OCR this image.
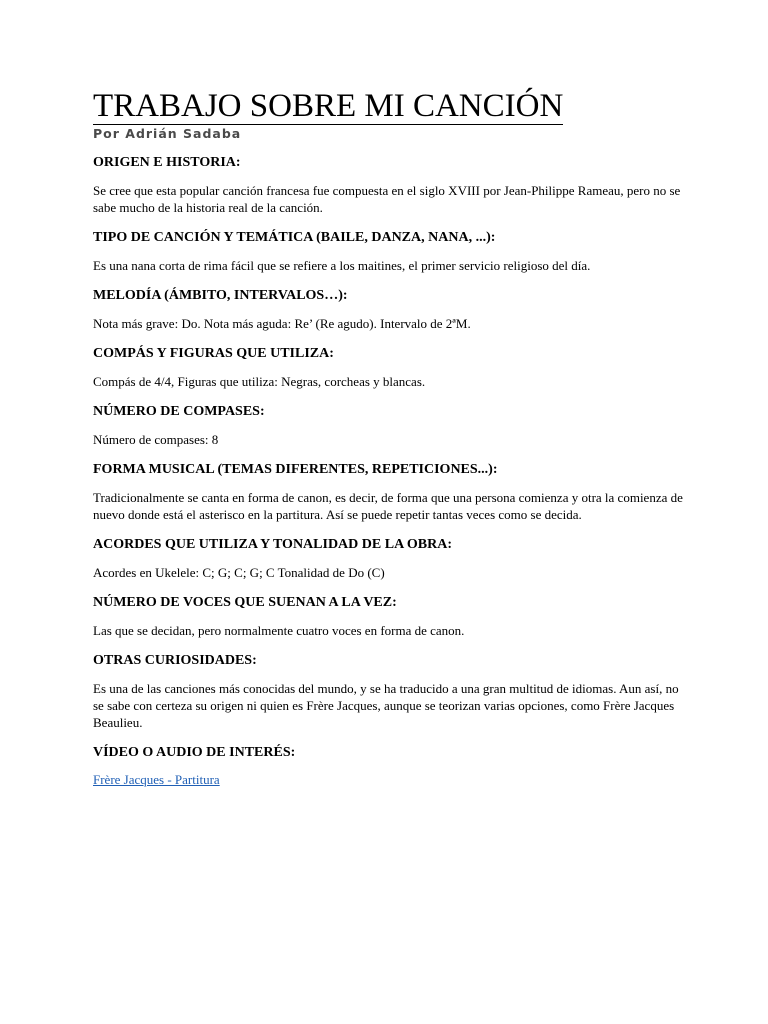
TRABAJO SOBRE MI CANCIÓN
Por Adrián Sadaba

ORIGEN E HISTORIA:

Se cree que esta popular canción francesa fue compuesta en el siglo XVIII por Jean-Philippe Rameau, pero no se sabe mucho de la historia real de la canción.

TIPO DE CANCIÓN Y TEMÁTICA (BAILE, DANZA, NANA, ...):

Es una nana corta de rima fácil que se refiere a los maitines, el primer servicio religioso del día.

MELODÍA (ÁMBITO, INTERVALOS…):

Nota más grave: Do. Nota más aguda: Re’ (Re agudo). Intervalo de 2ªM.

COMPÁS Y FIGURAS QUE UTILIZA:

Compás de 4/4, Figuras que utiliza: Negras, corcheas y blancas.

NÚMERO DE COMPASES:

Número de compases: 8

FORMA MUSICAL (TEMAS DIFERENTES, REPETICIONES...):

Tradicionalmente se canta en forma de canon, es decir, de forma que una persona comienza y otra la comienza de nuevo donde está el asterisco en la partitura. Así se puede repetir tantas veces como se decida.

ACORDES QUE UTILIZA Y TONALIDAD DE LA OBRA:

Acordes en Ukelele: C; G; C; G; C Tonalidad de Do (C)

NÚMERO DE VOCES QUE SUENAN A LA VEZ:

Las que se decidan, pero normalmente cuatro voces en forma de canon.

OTRAS CURIOSIDADES:

Es una de las canciones más conocidas del mundo, y se ha traducido a una gran multitud de idiomas. Aun así, no se sabe con certeza su origen ni quien es Frère Jacques, aunque se teorizan varias opciones, como Frère Jacques Beaulieu.

VÍDEO O AUDIO DE INTERÉS:

Frère Jacques - Partitura
